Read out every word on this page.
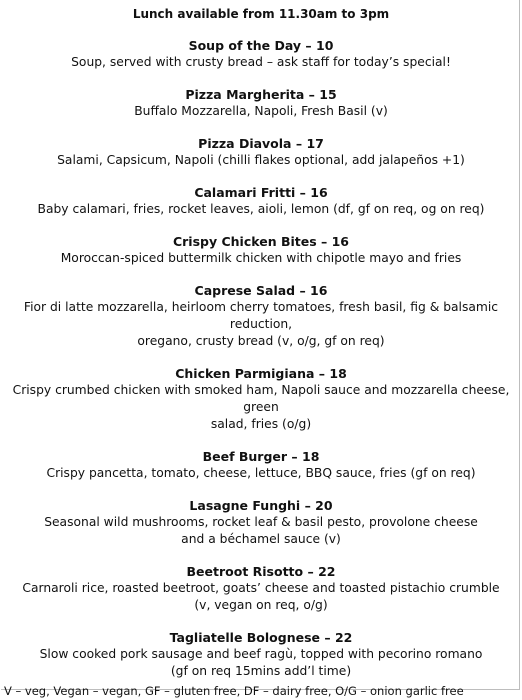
Lunch available from 11.30am to 3pm
Soup of the Day – 10
Soup, served with crusty bread – ask staff for today’s special!
Pizza Margherita – 15
Buffalo Mozzarella, Napoli, Fresh Basil (v)
Pizza Diavola – 17
Salami, Capsicum, Napoli (chilli flakes optional, add jalapeños +1)
Calamari Fritti – 16
Baby calamari, fries, rocket leaves, aioli, lemon (df, gf on req, og on req)
Crispy Chicken Bites – 16
Moroccan-spiced buttermilk chicken with chipotle mayo and fries
Caprese Salad – 16
Fior di latte mozzarella, heirloom cherry tomatoes, fresh basil, fig & balsamic reduction,
oregano, crusty bread (v, o/g, gf on req)
Chicken Parmigiana – 18
Crispy crumbed chicken with smoked ham, Napoli sauce and mozzarella cheese, green
salad, fries (o/g)
Beef Burger – 18
Crispy pancetta, tomato, cheese, lettuce, BBQ sauce, fries (gf on req)
Lasagne Funghi – 20
Seasonal wild mushrooms, rocket leaf & basil pesto, provolone cheese
and a béchamel sauce (v)
Beetroot Risotto – 22
Carnaroli rice, roasted beetroot, goats’ cheese and toasted pistachio crumble
(v, vegan on req, o/g)
Tagliatelle Bolognese – 22
Slow cooked pork sausage and beef ragù, topped with pecorino romano
(gf on req 15mins add’l time)
V – veg, Vegan – vegan, GF – gluten free, DF – dairy free, O/G – onion garlic free
